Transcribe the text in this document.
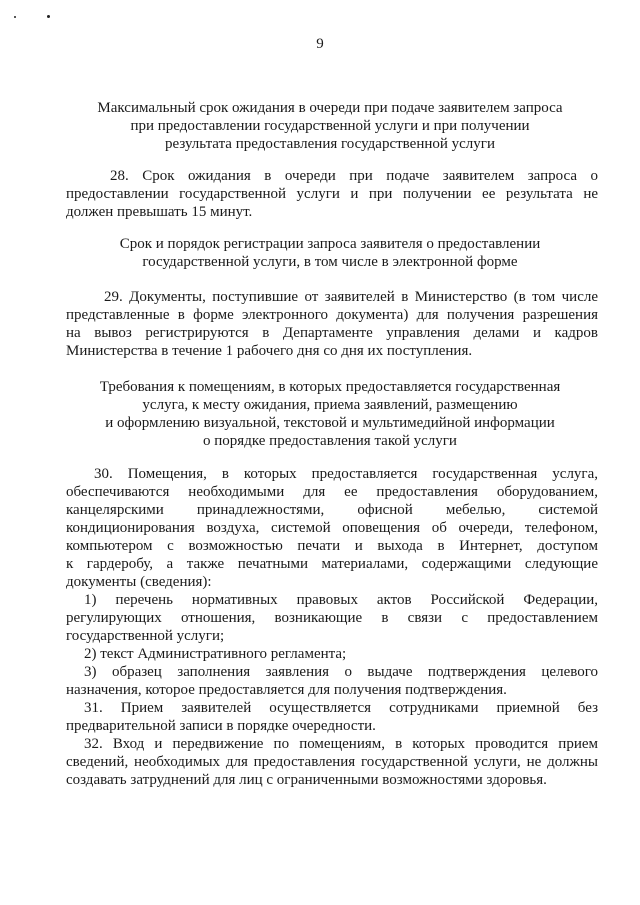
9
Максимальный срок ожидания в очереди при подаче заявителем запроса
при предоставлении государственной услуги и при получении
результата предоставления государственной услуги
28. Срок ожидания в очереди при подаче заявителем запроса о
предоставлении государственной услуги и при получении ее результата не
должен превышать 15 минут.
Срок и порядок регистрации запроса заявителя о предоставлении
государственной услуги, в том числе в электронной форме
29. Документы, поступившие от заявителей в Министерство (в том числе
представленные в форме электронного документа) для получения разрешения
на вывоз регистрируются в Департаменте управления делами и кадров
Министерства в течение 1 рабочего дня со дня их поступления.
Требования к помещениям, в которых предоставляется государственная
услуга, к месту ожидания, приема заявлений, размещению
и оформлению визуальной, текстовой и мультимедийной информации
о порядке предоставления такой услуги
30. Помещения, в которых предоставляется государственная услуга,
обеспечиваются необходимыми для ее предоставления оборудованием,
канцелярскими принадлежностями, офисной мебелью, системой
кондиционирования воздуха, системой оповещения об очереди, телефоном,
компьютером с возможностью печати и выхода в Интернет, доступом
к гардеробу, а также печатными материалами, содержащими следующие
документы (сведения):
1) перечень нормативных правовых актов Российской Федерации,
регулирующих отношения, возникающие в связи с предоставлением
государственной услуги;
2) текст Административного регламента;
3) образец заполнения заявления о выдаче подтверждения целевого
назначения, которое предоставляется для получения подтверждения.
31. Прием заявителей осуществляется сотрудниками приемной без
предварительной записи в порядке очередности.
32. Вход и передвижение по помещениям, в которых проводится прием
сведений, необходимых для предоставления государственной услуги, не должны
создавать затруднений для лиц с ограниченными возможностями здоровья.
